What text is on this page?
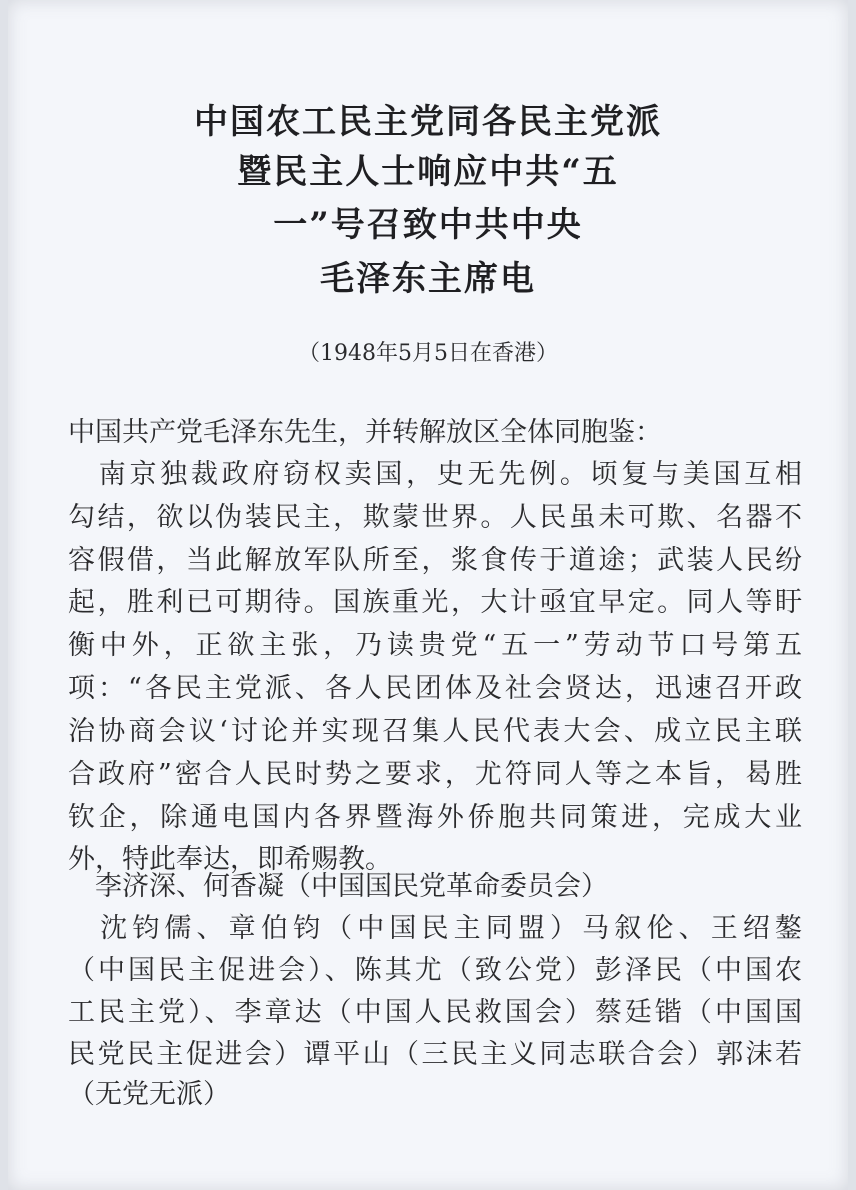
中国农工民主党同各民主党派
暨民主人士响应中共“五
一”号召致中共中央
毛泽东主席电
（1948年5月5日在香港）
中国共产党毛泽东先生，并转解放区全体同胞鉴：
　南京独裁政府窃权卖国，史无先例。顷复与美国互相
勾结，欲以伪装民主，欺蒙世界。人民虽未可欺、名器不
容假借，当此解放军队所至，浆食传于道途；武装人民纷
起，胜利已可期待。国族重光，大计亟宜早定。同人等盱
衡中外，正欲主张，乃读贵党“五一”劳动节口号第五
项：“各民主党派、各人民团体及社会贤达，迅速召开政
治协商会议‘讨论并实现召集人民代表大会、成立民主联
合政府”密合人民时势之要求，尤符同人等之本旨，曷胜
钦企，除通电国内各界暨海外侨胞共同策进，完成大业
外，特此奉达，即希赐教。
　李济深、何香凝（中国国民党革命委员会）
　沈钧儒、章伯钧（中国民主同盟）马叙伦、王绍鏊
（中国民主促进会）、陈其尤（致公党）彭泽民（中国农
工民主党）、李章达（中国人民救国会）蔡廷锴（中国国
民党民主促进会）谭平山（三民主义同志联合会）郭沫若
（无党无派）
